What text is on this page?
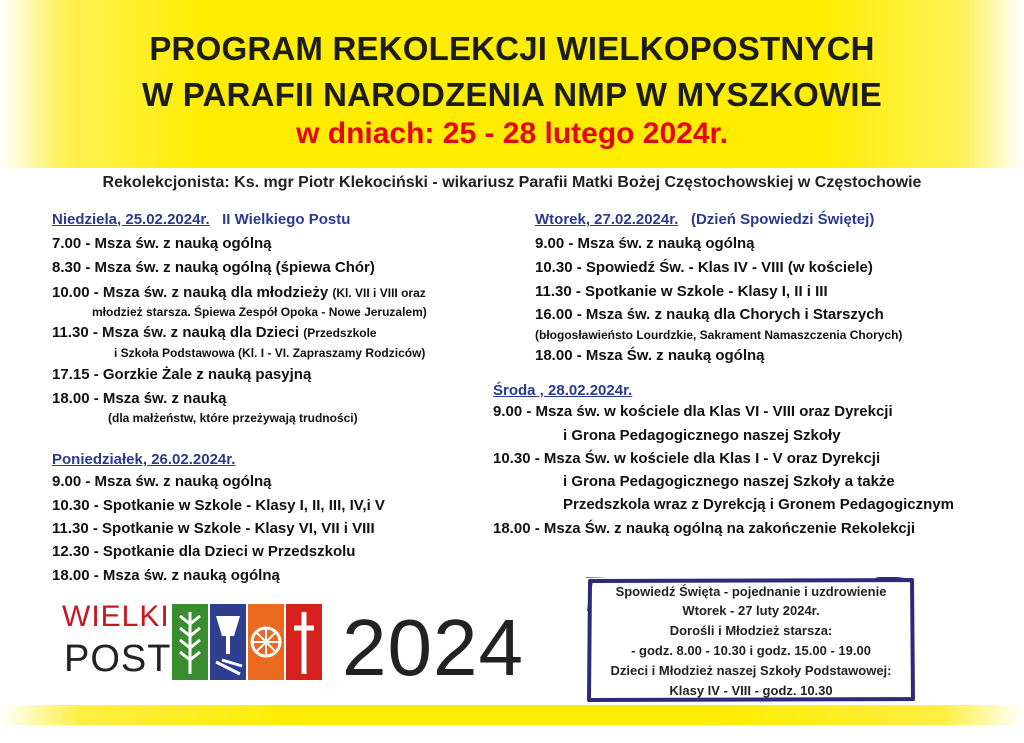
PROGRAM REKOLEKCJI WIELKOPOSTNYCH
W PARAFII NARODZENIA NMP W MYSZKOWIE
w dniach: 25 - 28 lutego 2024r.
Rekolekcjonista: Ks. mgr Piotr Klekociński - wikariusz Parafii Matki Bożej Częstochowskiej w Częstochowie
Niedziela, 25.02.2024r. II Wielkiego Postu
7.00 - Msza św. z nauką ogólną
8.30 - Msza św. z nauką ogólną (śpiewa Chór)
10.00 - Msza św. z nauką dla młodzieży (Kl. VII i VIII oraz
młodzież starsza. Śpiewa Zespół Opoka - Nowe Jeruzalem)
11.30 - Msza św. z nauką dla Dzieci (Przedszkole
i Szkoła Podstawowa (Kl. I - VI. Zapraszamy Rodziców)
17.15 - Gorzkie Żale z nauką pasyjną
18.00 - Msza św. z nauką
(dla małżeństw, które przeżywają trudności)
Poniedziałek, 26.02.2024r.
9.00 - Msza św. z nauką ogólną
10.30 - Spotkanie w Szkole - Klasy I, II, III, IV,i V
11.30 - Spotkanie w Szkole - Klasy VI, VII i VIII
12.30 - Spotkanie dla Dzieci w Przedszkolu
18.00 - Msza św. z nauką ogólną
Wtorek, 27.02.2024r. (Dzień Spowiedzi Świętej)
9.00 - Msza św. z nauką ogólną
10.30 - Spowiedź Św. - Klas IV - VIII (w kościele)
11.30 - Spotkanie w Szkole - Klasy I, II i III
16.00 - Msza św. z nauką dla Chorych i Starszych
(błogosławieństo Lourdzkie, Sakrament Namaszczenia Chorych)
18.00 - Msza Św. z nauką ogólną
Środa , 28.02.2024r.
9.00 - Msza św. w kościele dla Klas VI - VIII oraz Dyrekcji
i Grona Pedagogicznego naszej Szkoły
10.30 - Msza Św. w kościele dla Klas I - V oraz Dyrekcji
i Grona Pedagogicznego naszej Szkoły a także
Przedszkola wraz z Dyrekcją i Gronem Pedagogicznym
18.00 - Msza Św. z nauką ogólną na zakończenie Rekolekcji
Spowiedź Święta - pojednanie i uzdrowienie
Wtorek - 27 luty 2024r.
Dorośli i Młodzież starsza:
- godz. 8.00 - 10.30 i godz. 15.00 - 19.00
Dzieci i Młodzież naszej Szkoły Podstawowej:
Klasy IV - VIII - godz. 10.30
WIELKI
POST 2024
